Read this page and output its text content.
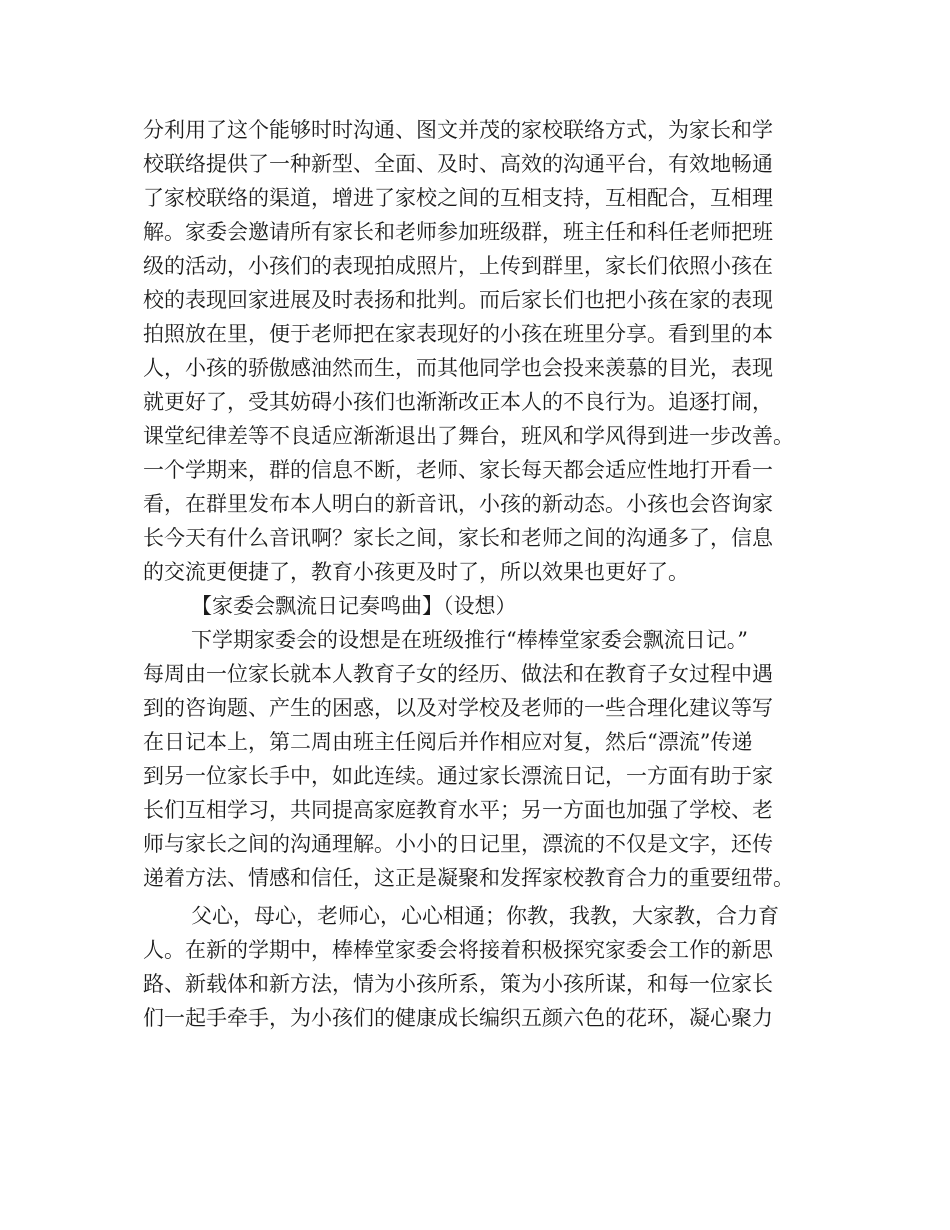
分利用了这个能够时时沟通、图文并茂的家校联络方式，为家长和学
校联络提供了一种新型、全面、及时、高效的沟通平台，有效地畅通
了家校联络的渠道，增进了家校之间的互相支持，互相配合，互相理
解。家委会邀请所有家长和老师参加班级群，班主任和科任老师把班
级的活动，小孩们的表现拍成照片，上传到群里，家长们依照小孩在
校的表现回家进展及时表扬和批判。而后家长们也把小孩在家的表现
拍照放在里，便于老师把在家表现好的小孩在班里分享。看到里的本
人，小孩的骄傲感油然而生，而其他同学也会投来羡慕的目光，表现
就更好了，受其妨碍小孩们也渐渐改正本人的不良行为。追逐打闹，
课堂纪律差等不良适应渐渐退出了舞台，班风和学风得到进一步改善。
一个学期来，群的信息不断，老师、家长每天都会适应性地打开看一
看，在群里发布本人明白的新音讯，小孩的新动态。小孩也会咨询家
长今天有什么音讯啊？家长之间，家长和老师之间的沟通多了，信息
的交流更便捷了，教育小孩更及时了，所以效果也更好了。
【家委会飘流日记奏鸣曲】（设想）
下学期家委会的设想是在班级推行“棒棒堂家委会飘流日记。”
每周由一位家长就本人教育子女的经历、做法和在教育子女过程中遇
到的咨询题、产生的困惑，以及对学校及老师的一些合理化建议等写
在日记本上，第二周由班主任阅后并作相应对复，然后“漂流”传递
到另一位家长手中，如此连续。通过家长漂流日记，一方面有助于家
长们互相学习，共同提高家庭教育水平；另一方面也加强了学校、老
师与家长之间的沟通理解。小小的日记里，漂流的不仅是文字，还传
递着方法、情感和信任，这正是凝聚和发挥家校教育合力的重要纽带。
父心，母心，老师心，心心相通；你教，我教，大家教，合力育
人。在新的学期中，棒棒堂家委会将接着积极探究家委会工作的新思
路、新载体和新方法，情为小孩所系，策为小孩所谋，和每一位家长
们一起手牵手，为小孩们的健康成长编织五颜六色的花环，凝心聚力
